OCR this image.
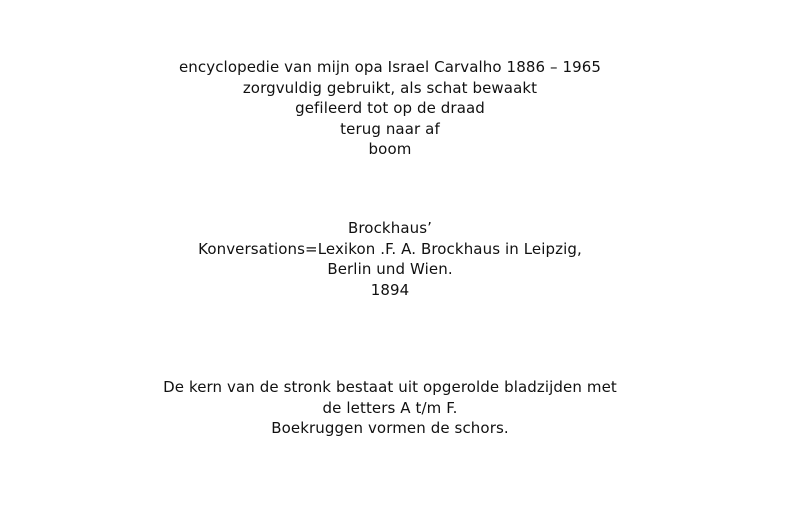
encyclopedie van mijn opa Israel Carvalho 1886 – 1965
zorgvuldig gebruikt, als schat bewaakt
gefileerd tot op de draad
terug naar af
boom
Brockhaus’
Konversations=Lexikon .F. A. Brockhaus in Leipzig,
Berlin und Wien.
1894
De kern van de stronk bestaat uit opgerolde bladzijden met
de letters A t/m F.
Boekruggen vormen de schors.
